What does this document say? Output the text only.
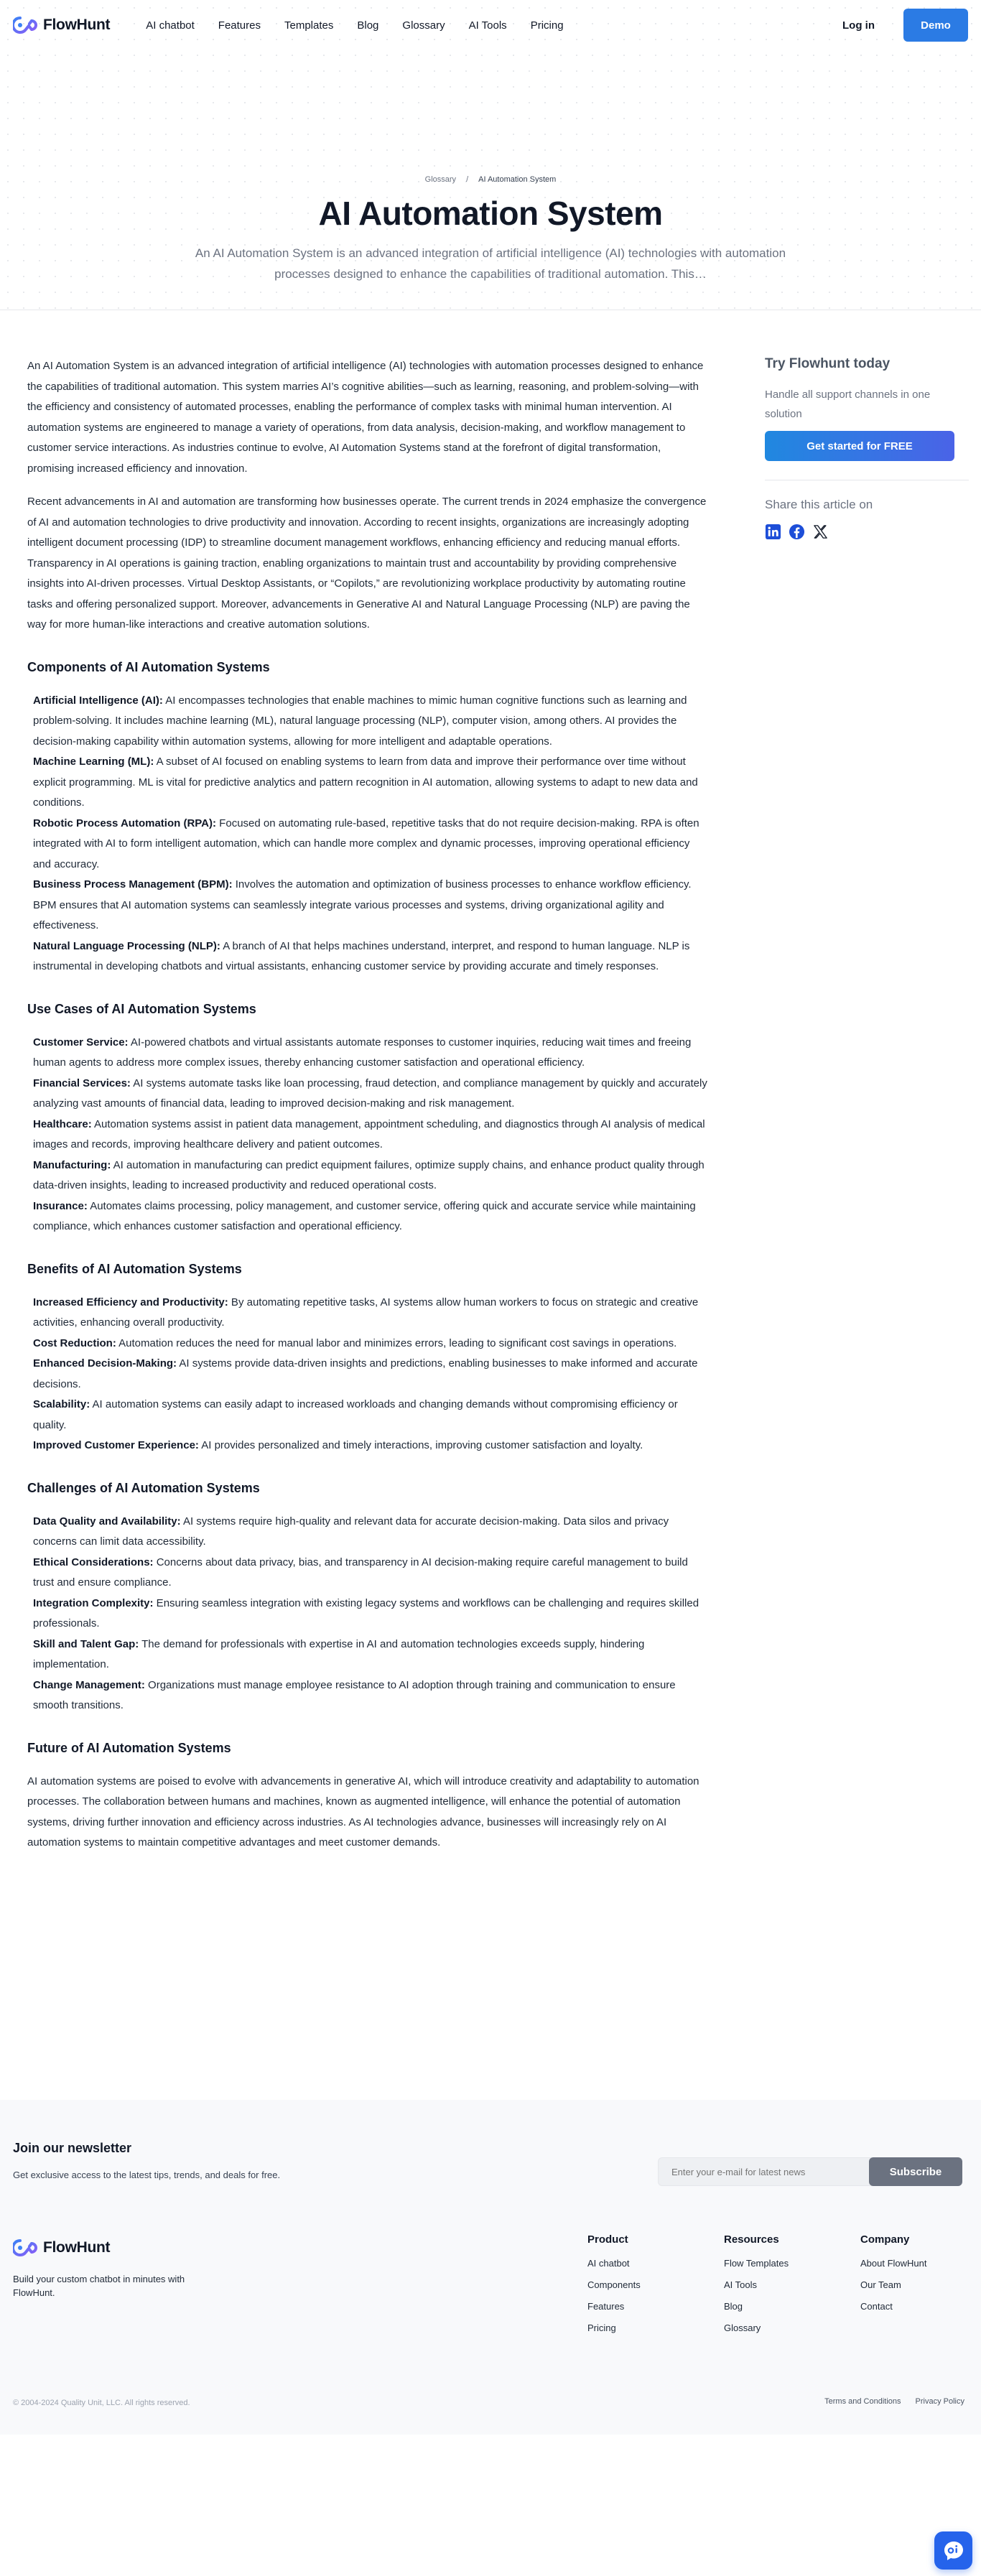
Glossary / AI Automation System
AI Automation System

An AI Automation System is an advanced integration of artificial intelligence (AI) technologies with automation processes designed to enhance the capabilities of traditional automation. This…

FlowHunt	AI chatbot Features Templates Blog Glossary AI Tools Pricing	Log in	Demo

An AI Automation System is an advanced integration of artificial intelligence (AI) technologies with automation processes designed to enhance the capabilities of traditional automation. This system marries AI’s cognitive abilities—such as learning, reasoning, and problem-solving—with the efficiency and consistency of automated processes, enabling the performance of complex tasks with minimal human intervention. AI automation systems are engineered to manage a variety of operations, from data analysis, decision-making, and workflow management to customer service interactions. As industries continue to evolve, AI Automation Systems stand at the forefront of digital transformation, promising increased efficiency and innovation.

Recent advancements in AI and automation are transforming how businesses operate. The current trends in 2024 emphasize the convergence of AI and automation technologies to drive productivity and innovation. According to recent insights, organizations are increasingly adopting intelligent document processing (IDP) to streamline document management workflows, enhancing efficiency and reducing manual efforts. Transparency in AI operations is gaining traction, enabling organizations to maintain trust and accountability by providing comprehensive insights into AI-driven processes. Virtual Desktop Assistants, or “Copilots,” are revolutionizing workplace productivity by automating routine tasks and offering personalized support. Moreover, advancements in Generative AI and Natural Language Processing (NLP) are paving the way for more human-like interactions and creative automation solutions.

Components of AI Automation Systems
Artificial Intelligence (AI): AI encompasses technologies that enable machines to mimic human cognitive functions such as learning and problem-solving. It includes machine learning (ML), natural language processing (NLP), computer vision, among others. AI provides the decision-making capability within automation systems, allowing for more intelligent and adaptable operations.
Machine Learning (ML): A subset of AI focused on enabling systems to learn from data and improve their performance over time without explicit programming. ML is vital for predictive analytics and pattern recognition in AI automation, allowing systems to adapt to new data and conditions.
Robotic Process Automation (RPA): Focused on automating rule-based, repetitive tasks that do not require decision-making. RPA is often integrated with AI to form intelligent automation, which can handle more complex and dynamic processes, improving operational efficiency and accuracy.
Business Process Management (BPM): Involves the automation and optimization of business processes to enhance workflow efficiency. BPM ensures that AI automation systems can seamlessly integrate various processes and systems, driving organizational agility and effectiveness.
Natural Language Processing (NLP): A branch of AI that helps machines understand, interpret, and respond to human language. NLP is instrumental in developing chatbots and virtual assistants, enhancing customer service by providing accurate and timely responses.
Use Cases of AI Automation Systems
Customer Service: AI-powered chatbots and virtual assistants automate responses to customer inquiries, reducing wait times and freeing human agents to address more complex issues, thereby enhancing customer satisfaction and operational efficiency.
Financial Services: AI systems automate tasks like loan processing, fraud detection, and compliance management by quickly and accurately analyzing vast amounts of financial data, leading to improved decision-making and risk management.
Healthcare: Automation systems assist in patient data management, appointment scheduling, and diagnostics through AI analysis of medical images and records, improving healthcare delivery and patient outcomes.
Manufacturing: AI automation in manufacturing can predict equipment failures, optimize supply chains, and enhance product quality through data-driven insights, leading to increased productivity and reduced operational costs.
Insurance: Automates claims processing, policy management, and customer service, offering quick and accurate service while maintaining compliance, which enhances customer satisfaction and operational efficiency.
Benefits of AI Automation Systems
Increased Efficiency and Productivity: By automating repetitive tasks, AI systems allow human workers to focus on strategic and creative activities, enhancing overall productivity.
Cost Reduction: Automation reduces the need for manual labor and minimizes errors, leading to significant cost savings in operations.
Enhanced Decision-Making: AI systems provide data-driven insights and predictions, enabling businesses to make informed and accurate decisions.
Scalability: AI automation systems can easily adapt to increased workloads and changing demands without compromising efficiency or quality.
Improved Customer Experience: AI provides personalized and timely interactions, improving customer satisfaction and loyalty.
Challenges of AI Automation Systems
Data Quality and Availability: AI systems require high-quality and relevant data for accurate decision-making. Data silos and privacy concerns can limit data accessibility.
Ethical Considerations: Concerns about data privacy, bias, and transparency in AI decision-making require careful management to build trust and ensure compliance.
Integration Complexity: Ensuring seamless integration with existing legacy systems and workflows can be challenging and requires skilled professionals.
Skill and Talent Gap: The demand for professionals with expertise in AI and automation technologies exceeds supply, hindering implementation.
Change Management: Organizations must manage employee resistance to AI adoption through training and communication to ensure smooth transitions.
Future of AI Automation Systems

AI automation systems are poised to evolve with advancements in generative AI, which will introduce creativity and adaptability to automation processes. The collaboration between humans and machines, known as augmented intelligence, will enhance the potential of automation systems, driving further innovation and efficiency across industries. As AI technologies advance, businesses will increasingly rely on AI automation systems to maintain competitive advantages and meet customer demands.

Try Flowhunt today
Handle all support channels in one solution
Get started for FREE
Share this article on
Join our newsletter
Get exclusive access to the latest tips, trends, and deals for free.
Enter your e-mail for latest news	Subscribe
FlowHunt
Build your custom chatbot in minutes with FlowHunt.
Product
AI chatbot
Components
Features
Pricing
Resources
Flow Templates
AI Tools
Blog
Glossary
Company
About FlowHunt
Our Team
Contact
© 2004-2024 Quality Unit, LLC. All rights reserved.	Terms and Conditions Privacy Policy
